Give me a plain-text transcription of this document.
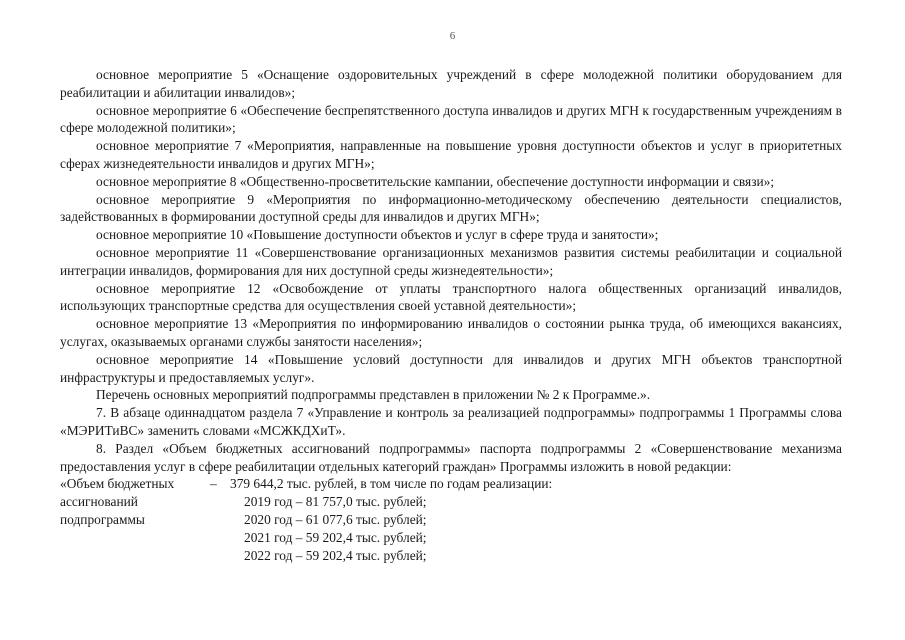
6

основное мероприятие 5 «Оснащение оздоровительных учреждений в сфере молодежной политики оборудованием для реабилитации и абилитации инвалидов»;

основное мероприятие 6 «Обеспечение беспрепятственного доступа инвалидов и других МГН к государственным учреждениям в сфере молодежной политики»;

основное мероприятие 7 «Мероприятия, направленные на повышение уровня доступности объектов и услуг в приоритетных сферах жизнедеятельности инвалидов и других МГН»;

основное мероприятие 8 «Общественно-просветительские кампании, обеспечение доступности информации и связи»;

основное мероприятие 9 «Мероприятия по информационно-методическому обеспечению деятельности специалистов, задействованных в формировании доступной среды для инвалидов и других МГН»;

основное мероприятие 10 «Повышение доступности объектов и услуг в сфере труда и занятости»;

основное мероприятие 11 «Совершенствование организационных механизмов развития системы реабилитации и социальной интеграции инвалидов, формирования для них доступной среды жизнедеятельности»;

основное мероприятие 12 «Освобождение от уплаты транспортного налога общественных организаций инвалидов, использующих транспортные средства для осуществления своей уставной деятельности»;

основное мероприятие 13 «Мероприятия по информированию инвалидов о состоянии рынка труда, об имеющихся вакансиях, услугах, оказываемых органами службы занятости населения»;

основное мероприятие 14 «Повышение условий доступности для инвалидов и других МГН объектов транспортной инфраструктуры и предоставляемых услуг».

Перечень основных мероприятий подпрограммы представлен в приложении № 2 к Программе.».

7. В абзаце одиннадцатом раздела 7 «Управление и контроль за реализацией подпрограммы» подпрограммы 1 Программы слова «МЭРИТиВС» заменить словами «МСЖКДХиТ».

8. Раздел «Объем бюджетных ассигнований подпрограммы» паспорта подпрограммы 2 «Совершенствование механизма предоставления услуг в сфере реабилитации отдельных категорий граждан» Программы изложить в новой редакции:

«Объем бюджетных	– 379 644,2 тыс. рублей, в том числе по годам реализации:
ассигнований	2019 год – 81 757,0 тыс. рублей;
подпрограммы	2020 год – 61 077,6 тыс. рублей;
2021 год – 59 202,4 тыс. рублей;
2022 год – 59 202,4 тыс. рублей;
